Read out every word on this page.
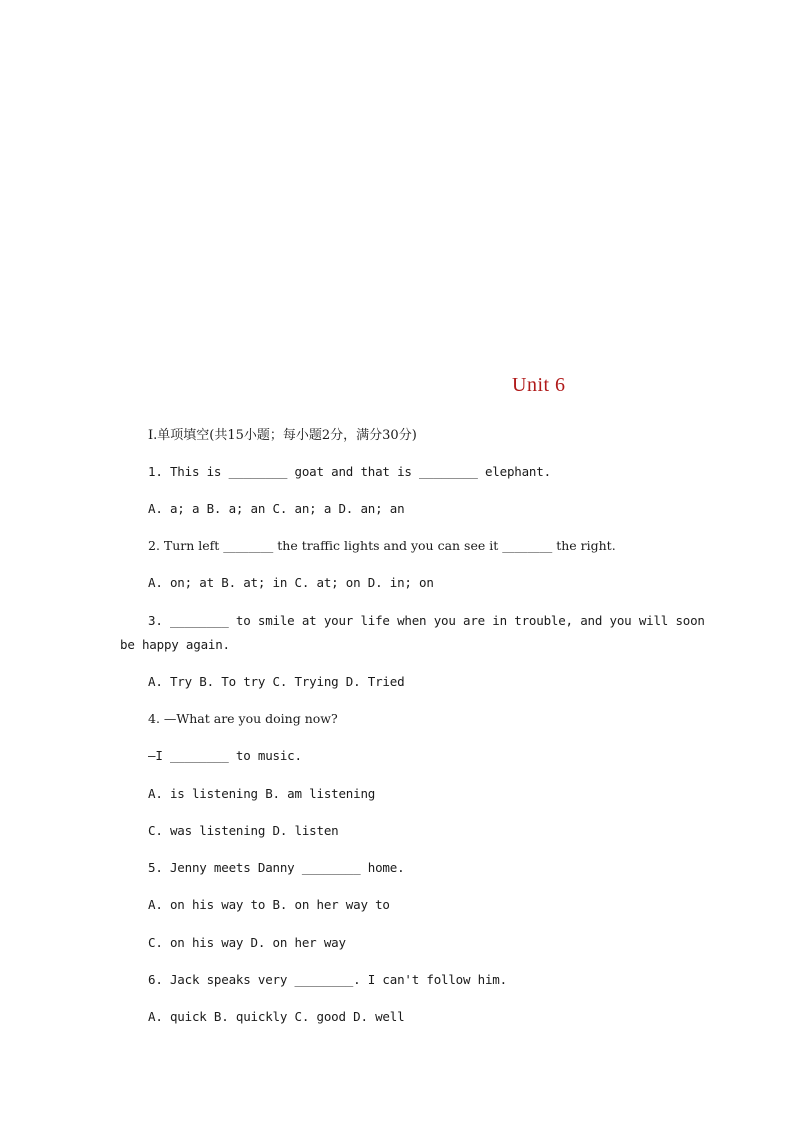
Unit 6
Ⅰ.单项填空(共15小题；每小题2分，满分30分)
1. This is ________ goat and that is ________ elephant.
A. a; a B. a; an C. an; a D. an; an
2. Turn left ________ the traffic lights and you can see it ________ the right.
A. on; at B. at; in C. at; on D. in; on
3. ________ to smile at your life when you are in trouble, and you will soon
be happy again.
A. Try B. To try C. Trying D. Tried
4. —What are you doing now?
—I ________ to music.
A. is listening B. am listening
C. was listening D. listen
5. Jenny meets Danny ________ home.
A. on his way to B. on her way to
C. on his way D. on her way
6. Jack speaks very ________. I can't follow him.
A. quick B. quickly C. good D. well
